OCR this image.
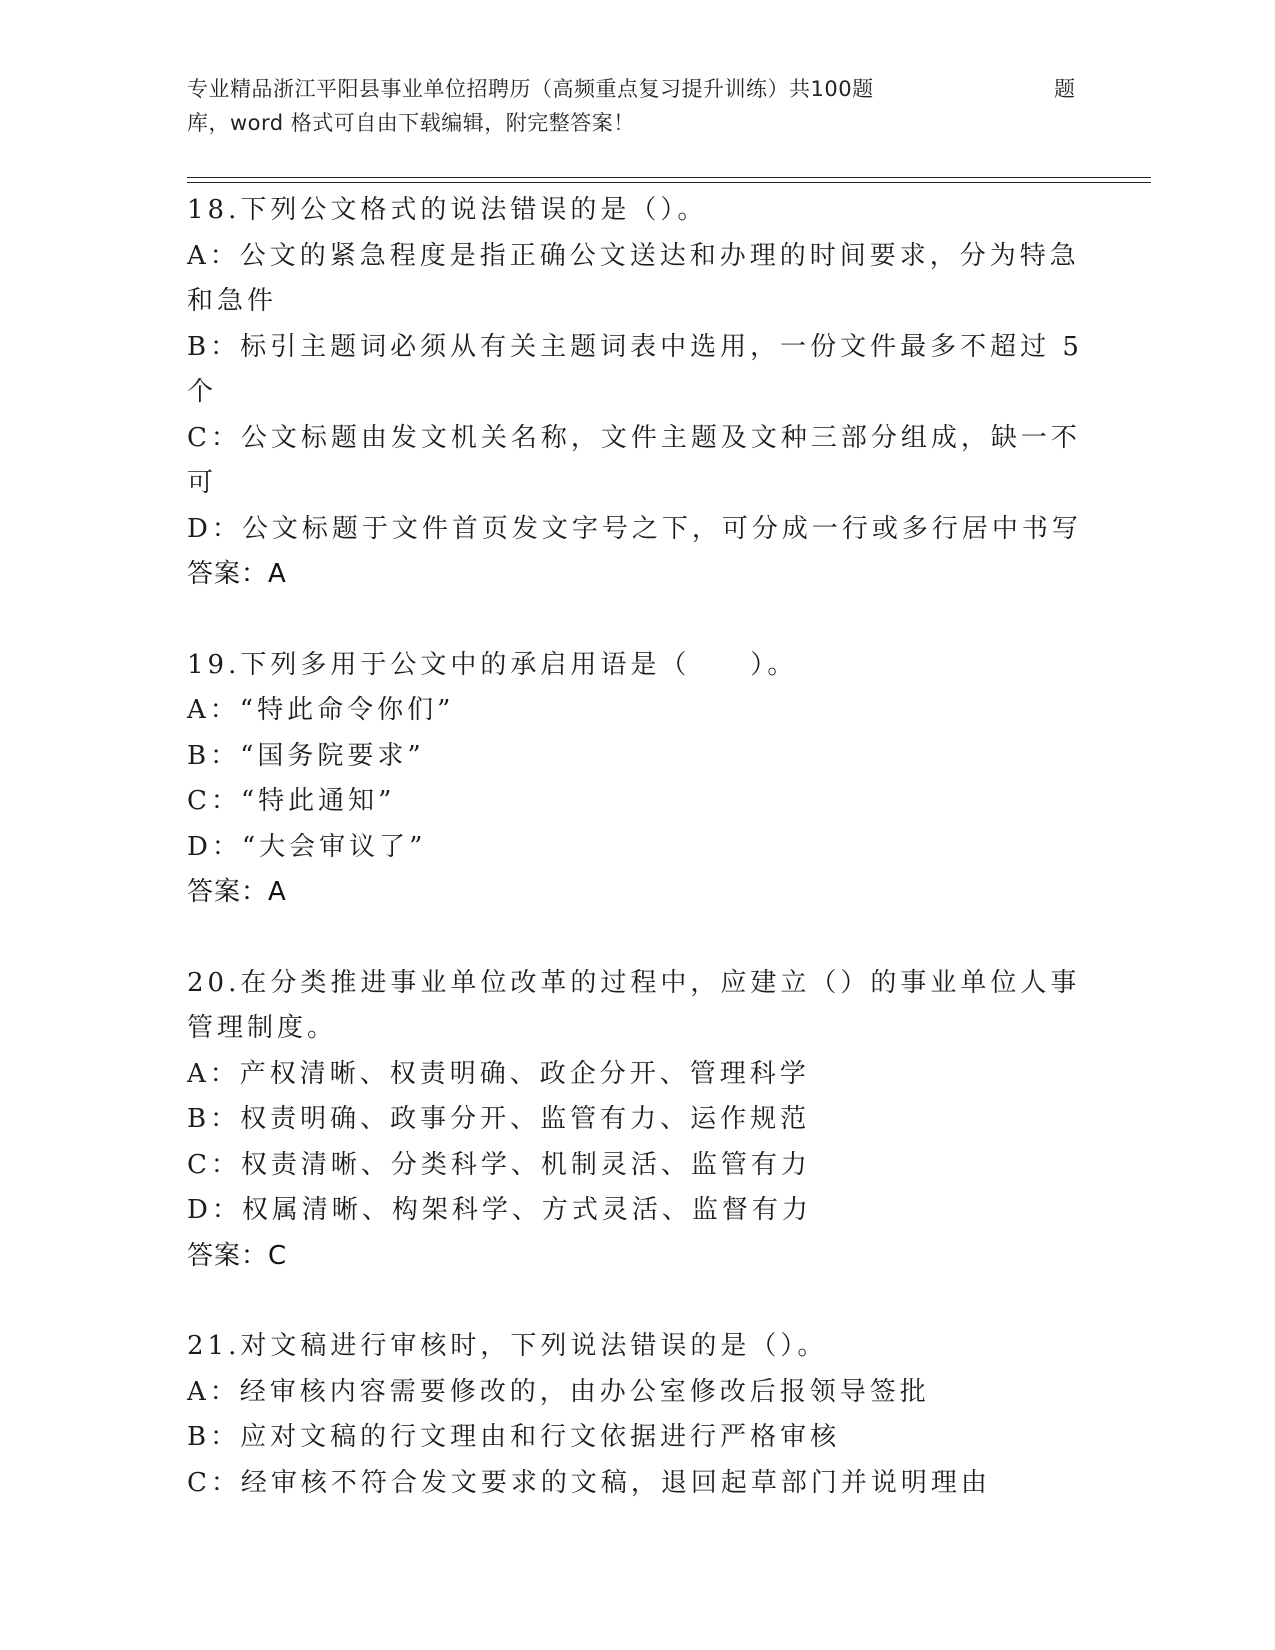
专业精品浙江平阳县事业单位招聘历（高频重点复习提升训练）共100题	题
库，word 格式可自由下载编辑，附完整答案！
18.下列公文格式的说法错误的是（）。
A：公文的紧急程度是指正确公文送达和办理的时间要求，分为特急和急件
B：标引主题词必须从有关主题词表中选用，一份文件最多不超过 5 个
C：公文标题由发文机关名称，文件主题及文种三部分组成，缺一不可
D：公文标题于文件首页发文字号之下，可分成一行或多行居中书写
答案：A
19.下列多用于公文中的承启用语是（　　）。
A：“特此命令你们”
B：“国务院要求”
C：“特此通知”
D：“大会审议了”
答案：A
20.在分类推进事业单位改革的过程中，应建立（）的事业单位人事管理制度。
A：产权清晰、权责明确、政企分开、管理科学
B：权责明确、政事分开、监管有力、运作规范
C：权责清晰、分类科学、机制灵活、监管有力
D：权属清晰、构架科学、方式灵活、监督有力
答案：C
21.对文稿进行审核时，下列说法错误的是（）。
A：经审核内容需要修改的，由办公室修改后报领导签批
B：应对文稿的行文理由和行文依据进行严格审核
C：经审核不符合发文要求的文稿，退回起草部门并说明理由
